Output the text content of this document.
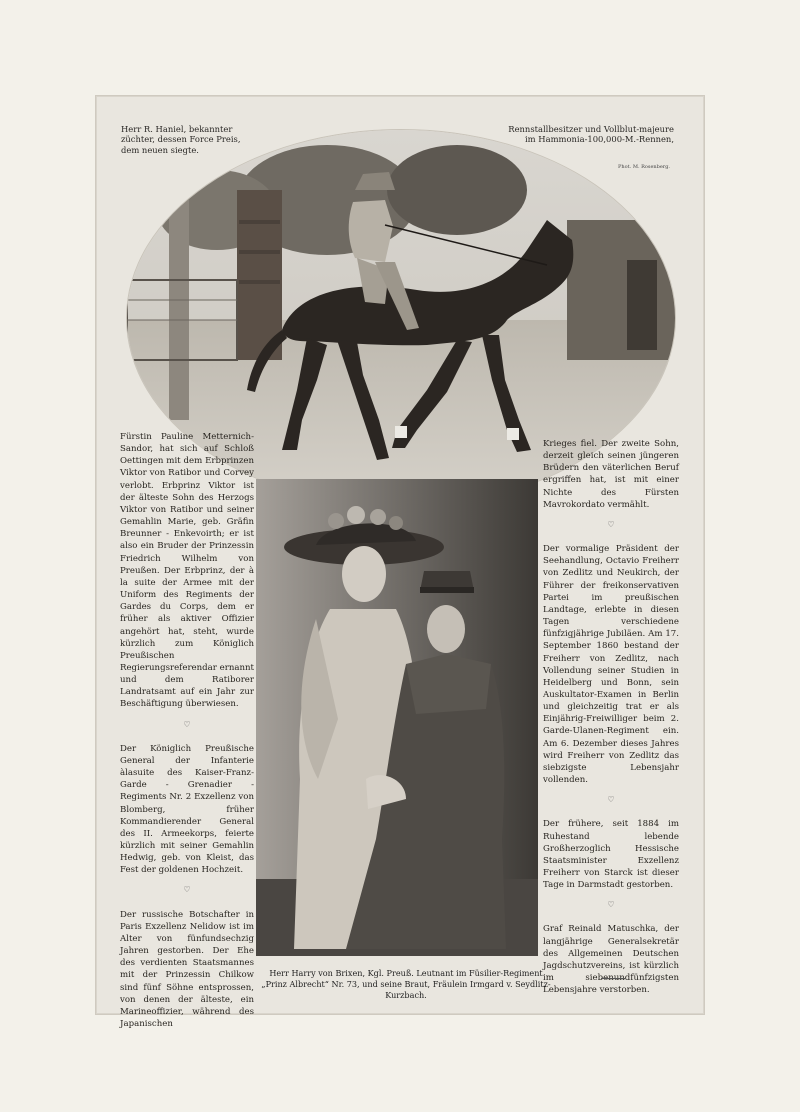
Herr R. Haniel, bekannter züchter, dessen Force Preis, dem neuen siegte.
Rennstallbesitzer und Vollblut-majeure im Hammonia-100,000-M.-Rennen,
Phot. M. Rosenberg.

Fürstin Pauline Metternich-Sandor, hat sich auf Schloß Oettingen mit dem Erbprinzen Viktor von Ratibor und Corvey verlobt. Erbprinz Viktor ist der älteste Sohn des Herzogs Viktor von Ratibor und seiner Gemahlin Marie, geb. Gräfin Breunner - Enkevoirth; er ist also ein Bruder der Prinzessin Friedrich Wilhelm von Preußen. Der Erbprinz, der à la suite der Armee mit der Uniform des Regiments der Gardes du Corps, dem er früher als aktiver Offizier angehört hat, steht, wurde kürzlich zum Königlich Preußischen Regierungsreferendar ernannt und dem Ratiborer Landratsamt auf ein Jahr zur Beschäftigung überwiesen.

♡

Der Königlich Preußische General der Infanterie àlasuite des Kaiser-Franz-Garde - Grenadier - Regiments Nr. 2 Exzellenz von Blomberg, früher Kommandierender General des II. Armeekorps, feierte kürzlich mit seiner Gemahlin Hedwig, geb. von Kleist, das Fest der goldenen Hochzeit.

♡

Der russische Botschafter in Paris Exzellenz Nelidow ist im Alter von fünfundsechzig Jahren gestorben. Der Ehe des verdienten Staatsmannes mit der Prinzessin Chilkow sind fünf Söhne entsprossen, von denen der älteste, ein Marineoffizier, während des Japanischen

Krieges fiel. Der zweite Sohn, derzeit gleich seinen jüngeren Brüdern den väterlichen Beruf ergriffen hat, ist mit einer Nichte des Fürsten Mavrokordato vermählt.

♡

Der vormalige Präsident der Seehandlung, Octavio Freiherr von Zedlitz und Neukirch, der Führer der freikonservativen Partei im preußischen Landtage, erlebte in diesen Tagen verschiedene fünfzigjährige Jubiläen. Am 17. September 1860 bestand der Freiherr von Zedlitz, nach Vollendung seiner Studien in Heidelberg und Bonn, sein Auskultator-Examen in Berlin und gleichzeitig trat er als Einjährig-Freiwilliger beim 2. Garde-Ulanen-Regiment ein. Am 6. Dezember dieses Jahres wird Freiherr von Zedlitz das siebzigste Lebensjahr vollenden.

♡

Der frühere, seit 1884 im Ruhestand lebende Großherzoglich Hessische Staatsminister Exzellenz Freiherr von Starck ist dieser Tage in Darmstadt gestorben.

♡

Graf Reinald Matuschka, der langjährige Generalsekretär des Allgemeinen Deutschen Jagdschutzvereins, ist kürzlich im siebenundfünfzigsten Lebensjahre verstorben.

Herr Harry von Brixen, Kgl. Preuß. Leutnant im Füsilier-Regiment „Prinz Albrecht“ Nr. 73, und seine Braut, Fräulein Irmgard v. Seydlitz-Kurzbach.
